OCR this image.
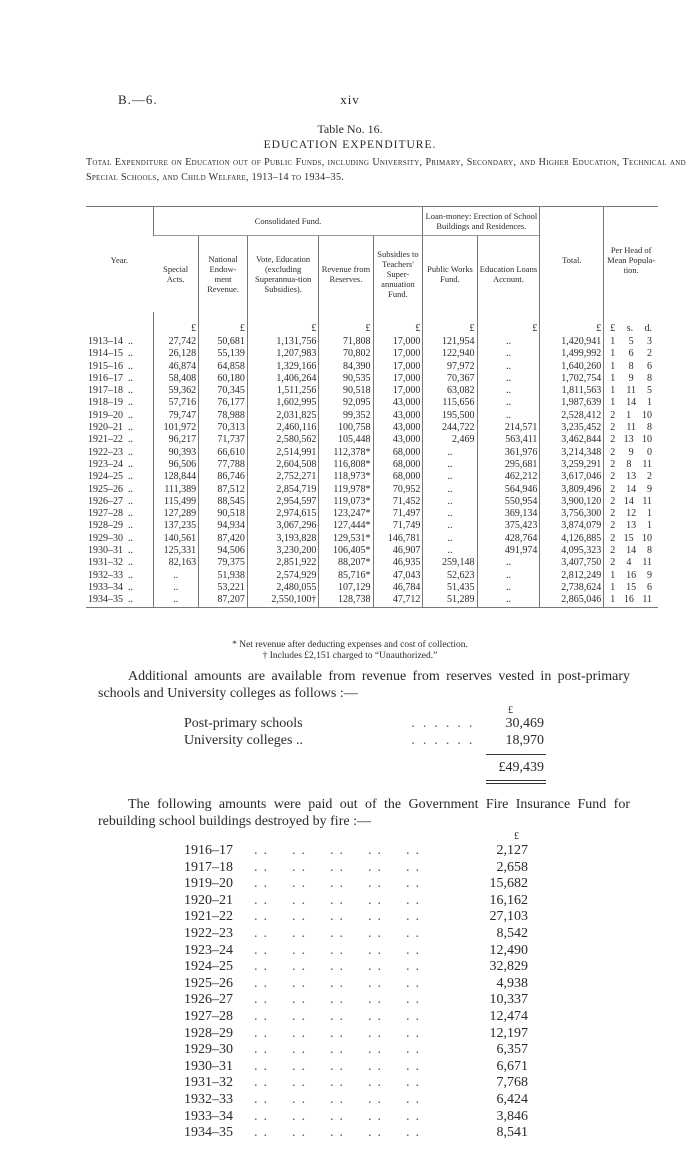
B.—6.	xiv
Table No. 16.
EDUCATION EXPENDITURE.
Total Expenditure on Education out of Public Funds, including University, Primary, Secondary, and Higher Education, Technical and Special Schools, and Child Welfare, 1913–14 to 1934–35.
Year.	Consolidated Fund.					Loan-money: Erection of School Buildings and Residences.		Total.	Per Head of Mean Popula-tion.
	Special Acts.	National Endow-ment Revenue.	Vote, Education (excluding Superannua-tion Subsidies).	Revenue from Reserves.	Subsidies to Teachers' Super-annuation Fund.	Public Works Fund.	Education Loans Account.		
	£	£	£	£	£	£	£	£	£ s. d.

1913–14 ..	27,742	50,681	1,131,756	71,808	17,000	121,954	..	1,420,941	1 5 3

1914–15 ..	26,128	55,139	1,207,983	70,802	17,000	122,940	..	1,499,992	1 6 2

1915–16 ..	46,874	64,858	1,329,166	84,390	17,000	97,972	..	1,640,260	1 8 6

1916–17 ..	58,408	60,180	1,406,264	90,535	17,000	70,367	..	1,702,754	1 9 8

1917–18 ..	59,362	70,345	1,511,256	90,518	17,000	63,082	..	1,811,563	1 11 5

1918–19 ..	57,716	76,177	1,602,995	92,095	43,000	115,656	..	1,987,639	1 14 1

1919–20 ..	79,747	78,988	2,031,825	99,352	43,000	195,500	..	2,528,412	2 1 10

1920–21 ..	101,972	70,313	2,460,116	100,758	43,000	244,722	214,571	3,235,452	2 11 8

1921–22 ..	96,217	71,737	2,580,562	105,448	43,000	2,469	563,411	3,462,844	2 13 10

1922–23 ..	90,393	66,610	2,514,991	112,378*	68,000	..	361,976	3,214,348	2 9 0

1923–24 ..	96,506	77,788	2,604,508	116,808*	68,000	..	295,681	3,259,291	2 8 11

1924–25 ..	128,844	86,746	2,752,271	118,973*	68,000	..	462,212	3,617,046	2 13 2

1925–26 ..	111,389	87,512	2,854,719	119,978*	70,952	..	564,946	3,809,496	2 14 9

1926–27 ..	115,499	88,545	2,954,597	119,073*	71,452	..	550,954	3,900,120	2 14 11

1927–28 ..	127,289	90,518	2,974,615	123,247*	71,497	..	369,134	3,756,300	2 12 1

1928–29 ..	137,235	94,934	3,067,296	127,444*	71,749	..	375,423	3,874,079	2 13 1

1929–30 ..	140,561	87,420	3,193,828	129,531*	146,781	..	428,764	4,126,885	2 15 10

1930–31 ..	125,331	94,506	3,230,200	106,405*	46,907	..	491,974	4,095,323	2 14 8

1931–32 ..	82,163	79,375	2,851,922	88,207*	46,935	259,148	..	3,407,750	2 4 11

1932–33 ..	..	51,938	2,574,929	85,716*	47,043	52,623	..	2,812,249	1 16 9

1933–34 ..	..	53,221	2,480,055	107,129	46,784	51,435	..	2,738,624	1 15 6

1934–35 ..	..	87,207	2,550,100†	128,738	47,712	51,289	..	2,865,046	1 16 11
* Net revenue after deducting expenses and cost of collection.
† Includes £2,151 charged to “Unauthorized.”
Additional amounts are available from revenue from reserves vested in post-primary schools and University colleges as follows :—
£
Post-primary schools	......	30,469
University colleges ..	......	18,970
£49,439
The following amounts were paid out of the Government Fire Insurance Fund for rebuilding school buildings destroyed by fire :—
£
1916–17	..  ..  ..  ..  ..	2,127
1917–18	..  ..  ..  ..  ..	2,658
1919–20	..  ..  ..  ..  ..	15,682
1920–21	..  ..  ..  ..  ..	16,162
1921–22	..  ..  ..  ..  ..	27,103
1922–23	..  ..  ..  ..  ..	8,542
1923–24	..  ..  ..  ..  ..	12,490
1924–25	..  ..  ..  ..  ..	32,829
1925–26	..  ..  ..  ..  ..	4,938
1926–27	..  ..  ..  ..  ..	10,337
1927–28	..  ..  ..  ..  ..	12,474
1928–29	..  ..  ..  ..  ..	12,197
1929–30	..  ..  ..  ..  ..	6,357
1930–31	..  ..  ..  ..  ..	6,671
1931–32	..  ..  ..  ..  ..	7,768
1932–33	..  ..  ..  ..  ..	6,424
1933–34	..  ..  ..  ..  ..	3,846
1934–35	..  ..  ..  ..  ..	8,541
